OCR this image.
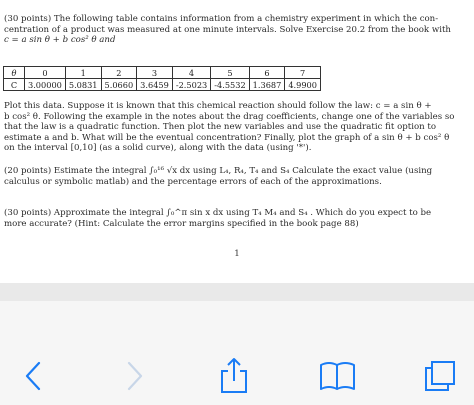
(30 points) The following table contains information from a chemistry experiment in which the con-
centration of a product was measured at one minute intervals. Solve Exercise 20.2 from the book with
c = a sin θ + b cos² θ and
θ	0	1	2	3	4	5	6	7
C	3.00000	5.0831	5.0660	3.6459	-2.5023	-4.5532	1.3687	4.9900
Plot this data. Suppose it is known that this chemical reaction should follow the law: c = a sin θ +
b cos² θ. Following the example in the notes about the drag coefficients, change one of the variables so
that the law is a quadratic function. Then plot the new variables and use the quadratic fit option to
estimate a and b. What will be the eventual concentration? Finally, plot the graph of a sin θ + b cos² θ
on the interval [0,10] (as a solid curve), along with the data (using '*').
(20 points) Estimate the integral ∫₀¹⁶ √x dx using L₄, R₄, T₄ and S₄ Calculate the exact value (using
calculus or symbolic matlab) and the percentage errors of each of the approximations.
(30 points) Approximate the integral ∫₀^π sin x dx using T₄ M₄ and S₄ . Which do you expect to be
more accurate? (Hint: Calculate the error margins specified in the book page 88)
1
